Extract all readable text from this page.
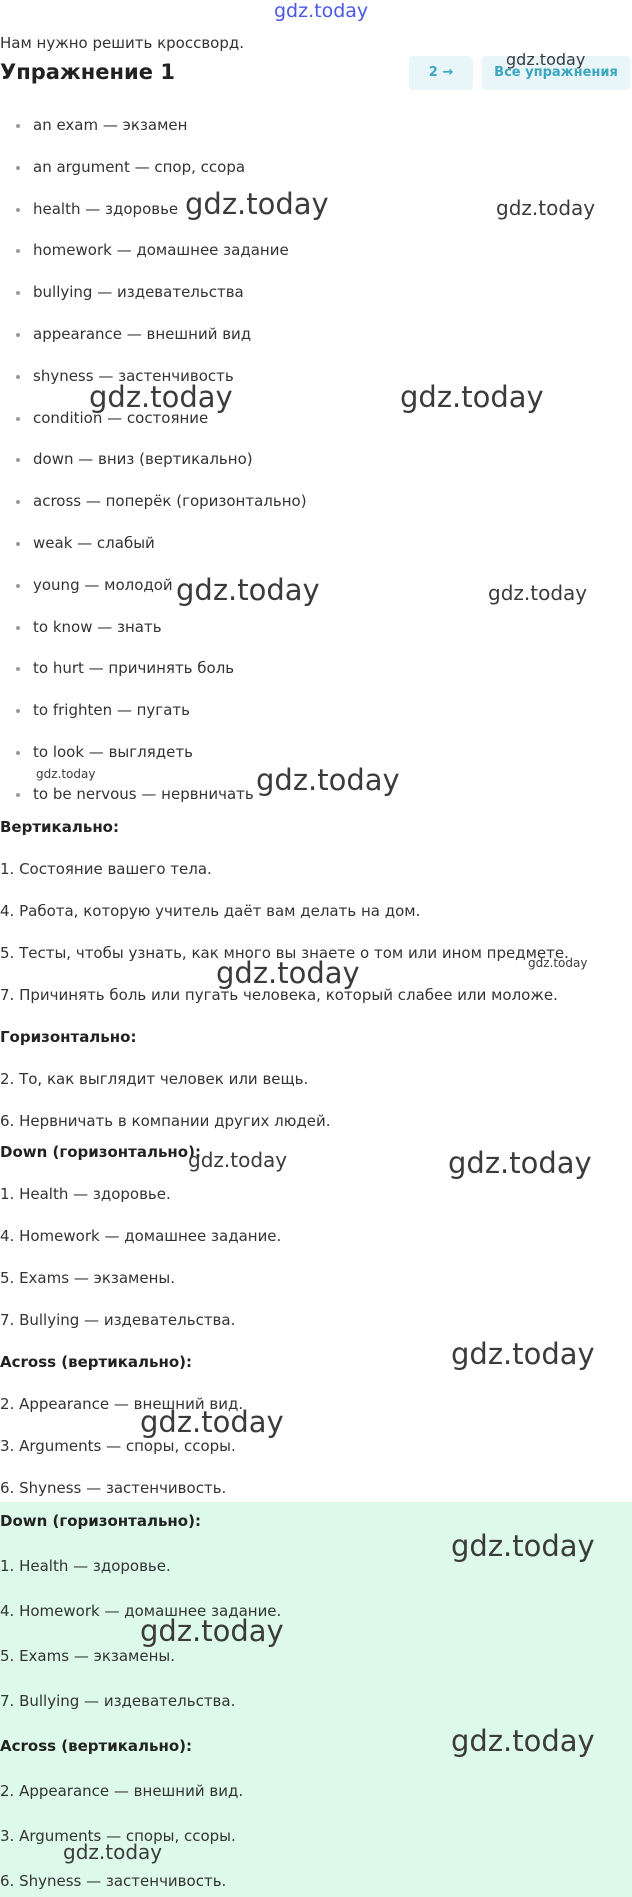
gdz.today
Нам нужно решить кроссворд.
Упражнение 1	2 →	Все упражнения
an exam — экзамен
an argument — спор, ссора
health — здоровье
homework — домашнее задание
bullying — издевательства
appearance — внешний вид
shyness — застенчивость
condition — состояние
down — вниз (вертикально)
across — поперёк (горизонтально)
weak — слабый
young — молодой
to know — знать
to hurt — причинять боль
to frighten — пугать
to look — выглядеть
to be nervous — нервничать
Вертикально:
1. Состояние вашего тела.
4. Работа, которую учитель даёт вам делать на дом.
5. Тесты, чтобы узнать, как много вы знаете о том или ином предмете.
7. Причинять боль или пугать человека, который слабее или моложе.
Горизонтально:
2. То, как выглядит человек или вещь.
6. Нервничать в компании других людей.
Down (горизонтально):
1. Health — здоровье.
4. Homework — домашнее задание.
5. Exams — экзамены.
7. Bullying — издевательства.
Across (вертикально):
2. Appearance — внешний вид.
3. Arguments — споры, ссоры.
6. Shyness — застенчивость.
Down (горизонтально):
1. Health — здоровье.
4. Homework — домашнее задание.
5. Exams — экзамены.
7. Bullying — издевательства.
Across (вертикально):
2. Appearance — внешний вид.
3. Arguments — споры, ссоры.
6. Shyness — застенчивость.
gdz.today
gdz.today	gdz.today
gdz.today	gdz.today
gdz.today	gdz.today
gdz.today	gdz.today
gdz.today	gdz.today
gdz.today	gdz.today
gdz.today
gdz.today
gdz.today
gdz.today
gdz.today
gdz.today
